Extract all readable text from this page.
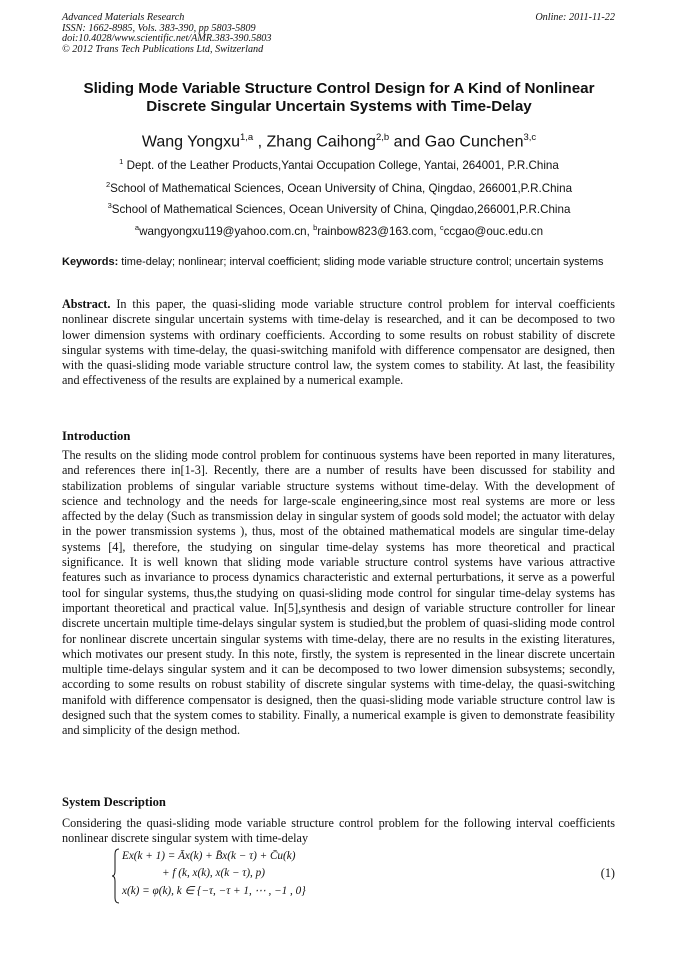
Advanced Materials Research	Online: 2011-11-22
ISSN: 1662-8985, Vols. 383-390, pp 5803-5809
doi:10.4028/www.scientific.net/AMR.383-390.5803
© 2012 Trans Tech Publications Ltd, Switzerland
Sliding Mode Variable Structure Control Design for A Kind of Nonlinear
Discrete Singular Uncertain Systems with Time-Delay
Wang Yongxu$^{1,a}$ , Zhang Caihong$^{2,b}$ and Gao Cunchen$^{3,c}$
$^1$ Dept. of the Leather Products,Yantai Occupation College, Yantai, 264001, P.R.China
$^2$School of Mathematical Sciences, Ocean University of China, Qingdao, 266001,P.R.China
$^3$School of Mathematical Sciences, Ocean University of China, Qingdao,266001,P.R.China
$^a$wangyongxu119@yahoo.com.cn, $^b$rainbow823@163.com, $^c$ccgao@ouc.edu.cn
Keywords: time-delay; nonlinear; interval coefficient; sliding mode variable structure control; uncertain systems
Abstract. In this paper, the quasi-sliding mode variable structure control problem for interval coefficients nonlinear discrete singular uncertain systems with time-delay is researched, and it can be decomposed to two lower dimension systems with ordinary coefficients. According to some results on robust stability of discrete singular systems with time-delay, the quasi-switching manifold with difference compensator are designed, then with the quasi-sliding mode variable structure control law, the system comes to stability. At last, the feasibility and effectiveness of the results are explained by a numerical example.
Introduction
The results on the sliding mode control problem for continuous systems have been reported in many literatures, and references there in[1-3]. Recently, there are a number of results have been discussed for stability and stabilization problems of singular variable structure systems without time-delay. With the development of science and technology and the needs for large-scale engineering,since most real systems are more or less affected by the delay (Such as transmission delay in singular system of goods sold model; the actuator with delay in the power transmission systems ), thus, most of the obtained mathematical models are singular time-delay systems [4], therefore, the studying on singular time-delay systems has more theoretical and practical significance. It is well known that sliding mode variable structure control systems have various attractive features such as invariance to process dynamics characteristic and external perturbations, it serve as a powerful tool for singular systems, thus,the studying on quasi-sliding mode control for singular time-delay systems has important theoretical and practical value. In[5],synthesis and design of variable structure controller for linear discrete uncertain multiple time-delays singular system is studied,but the problem of quasi-sliding mode control for nonlinear discrete uncertain singular systems with time-delay, there are no results in the existing literatures, which motivates our present study. In this note, firstly, the system is represented in the linear discrete uncertain multiple time-delays singular system and it can be decomposed to two lower dimension subsystems; secondly, according to some results on robust stability of discrete singular systems with time-delay, the quasi-switching manifold with difference compensator is designed, then the quasi-sliding mode variable structure control law is designed such that the system comes to stability. Finally, a numerical example is given to demonstrate feasibility and simplicity of the design method.
System Description
Considering the quasi-sliding mode variable structure control problem for the following interval coefficients nonlinear discrete singular system with time-delay
Ex(k + 1) = Āx(k) + B̄x(k − τ) + C̄u(k)
+ f (k, x(k), x(k − τ), p)
x(k) = φ(k), k ∈ {−τ, −τ + 1, ⋯ , −1 , 0}
(1)
